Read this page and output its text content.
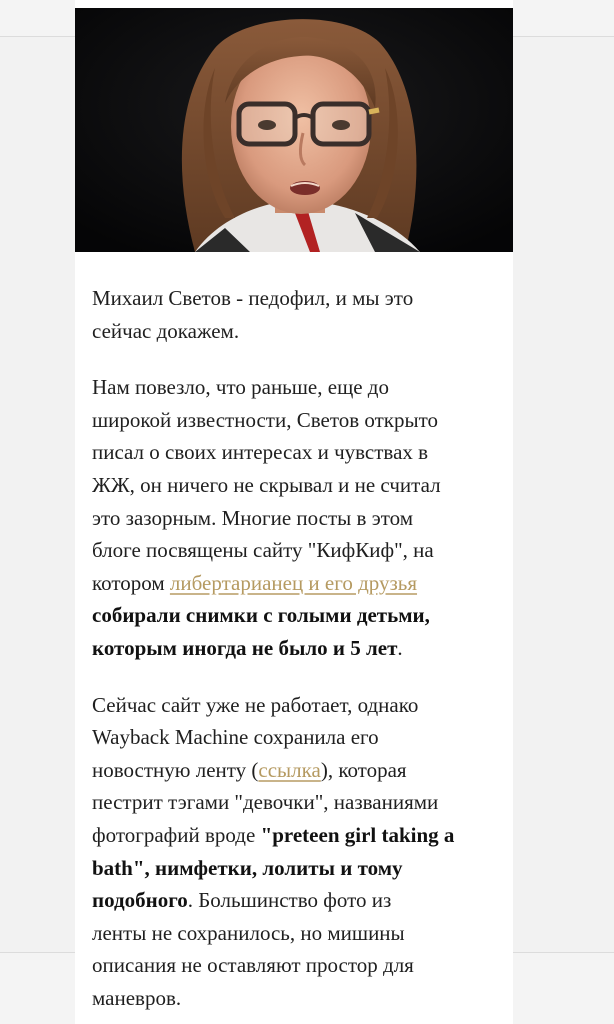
Михаил Светов - педофил, и мы это
сейчас докажем.

Нам повезло, что раньше, еще до
широкой известности, Светов открыто
писал о своих интересах и чувствах в
ЖЖ, он ничего не скрывал и не считал
это зазорным. Многие посты в этом
блоге посвящены сайту "КифКиф", на
котором либертарианец и его друзья
собирали снимки с голыми детьми,
которым иногда не было и 5 лет.

Сейчас сайт уже не работает, однако
Wayback Machine сохранила его
новостную ленту (ссылка), которая
пестрит тэгами "девочки", названиями
фотографий вроде "preteen girl taking a
bath", нимфетки, лолиты и тому
подобного. Большинство фото из
ленты не сохранилось, но мишины
описания не оставляют простор для
маневров.
